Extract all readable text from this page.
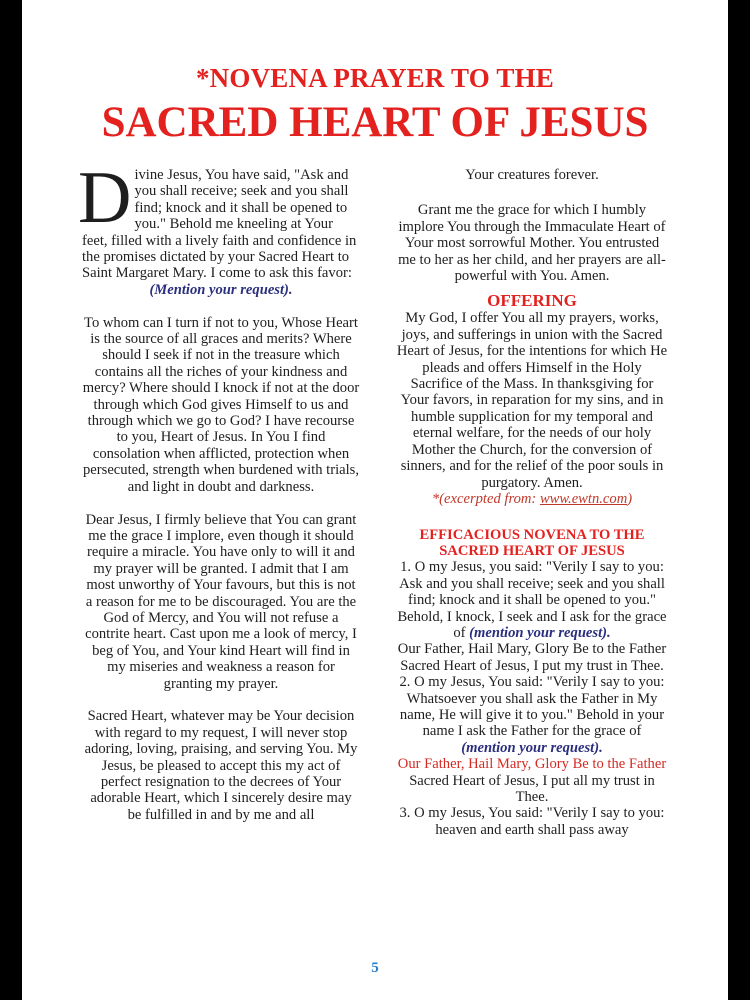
*NOVENA PRAYER TO THE
SACRED HEART OF JESUS

D ivine Jesus, You have said, "Ask and you shall receive; seek and you shall find; knock and it shall be opened to you." Behold me kneeling at Your feet, filled with a lively faith and confidence in the promises dictated by your Sacred Heart to Saint Margaret Mary. I come to ask this favor:
(Mention your request).

To whom can I turn if not to you, Whose Heart is the source of all graces and merits? Where should I seek if not in the treasure which contains all the riches of your kindness and mercy? Where should I knock if not at the door through which God gives Himself to us and through which we go to God? I have recourse to you, Heart of Jesus. In You I find consolation when afflicted, protection when persecuted, strength when burdened with trials, and light in doubt and darkness.

Dear Jesus, I firmly believe that You can grant me the grace I implore, even though it should require a miracle. You have only to will it and my prayer will be granted. I admit that I am most unworthy of Your favours, but this is not a reason for me to be discouraged. You are the God of Mercy, and You will not refuse a contrite heart. Cast upon me a look of mercy, I beg of You, and Your kind Heart will find in my miseries and weakness a reason for granting my prayer.

Sacred Heart, whatever may be Your decision with regard to my request, I will never stop adoring, loving, praising, and serving You. My Jesus, be pleased to accept this my act of perfect resignation to the decrees of Your adorable Heart, which I sincerely desire may be fulfilled in and by me and all

Your creatures forever.

Grant me the grace for which I humbly implore You through the Immaculate Heart of Your most sorrowful Mother. You entrusted me to her as her child, and her prayers are all-powerful with You. Amen.

OFFERING

My God, I offer You all my prayers, works, joys, and sufferings in union with the Sacred Heart of Jesus, for the intentions for which He pleads and offers Himself in the Holy Sacrifice of the Mass. In thanksgiving for Your favors, in reparation for my sins, and in humble supplication for my temporal and eternal welfare, for the needs of our holy Mother the Church, for the conversion of sinners, and for the relief of the poor souls in purgatory. Amen.

*(excerpted from: www.ewtn.com)

EFFICACIOUS NOVENA TO THE
SACRED HEART OF JESUS

1. O my Jesus, you said: "Verily I say to you: Ask and you shall receive; seek and you shall find; knock and it shall be opened to you." Behold, I knock, I seek and I ask for the grace of (mention your request).

Our Father, Hail Mary, Glory Be to the Father Sacred Heart of Jesus, I put my trust in Thee.

2. O my Jesus, You said: "Verily I say to you: Whatsoever you shall ask the Father in My name, He will give it to you." Behold in your name I ask the Father for the grace of (mention your request).

Our Father, Hail Mary, Glory Be to the Father Sacred Heart of Jesus, I put all my trust in Thee.

3. O my Jesus, You said: "Verily I say to you: heaven and earth shall pass away

5
